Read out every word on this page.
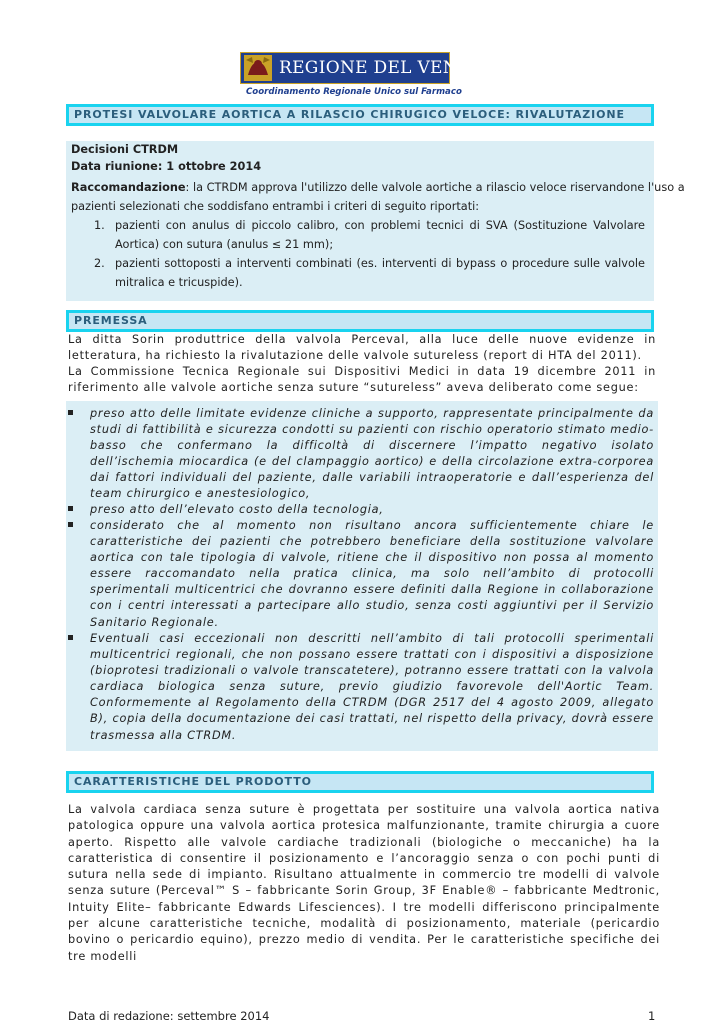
REGIONE DEL VENETO
Coordinamento Regionale Unico sul Farmaco
PROTESI VALVOLARE AORTICA A RILASCIO CHIRUGICO VELOCE: RIVALUTAZIONE
Decisioni CTRDM
Data riunione: 1 ottobre 2014
Raccomandazione: la CTRDM approva l'utilizzo delle valvole aortiche a rilascio veloce riservandone l'uso a
pazienti selezionati che soddisfano entrambi i criteri di seguito riportati:
1. pazienti con anulus di piccolo calibro, con problemi tecnici di SVA (Sostituzione Valvolare Aortica) con sutura (anulus ≤ 21 mm);
2. pazienti sottoposti a interventi combinati (es. interventi di bypass o procedure sulle valvole mitralica e tricuspide).
PREMESSA
La ditta Sorin produttrice della valvola Perceval, alla luce delle nuove evidenze in letteratura, ha richiesto la rivalutazione delle valvole sutureless (report di HTA del 2011).
La Commissione Tecnica Regionale sui Dispositivi Medici in data 19 dicembre 2011 in riferimento alle valvole aortiche senza suture “sutureless” aveva deliberato come segue:
preso atto delle limitate evidenze cliniche a supporto, rappresentate principalmente da studi di fattibilità e sicurezza condotti su pazienti con rischio operatorio stimato medio-basso che confermano la difficoltà di discernere l’impatto negativo isolato dell’ischemia miocardica (e del clampaggio aortico) e della circolazione extra-corporea dai fattori individuali del paziente, dalle variabili intraoperatorie e dall’esperienza del team chirurgico e anestesiologico,
preso atto dell’elevato costo della tecnologia,
considerato che al momento non risultano ancora sufficientemente chiare le caratteristiche dei pazienti che potrebbero beneficiare della sostituzione valvolare aortica con tale tipologia di valvole, ritiene che il dispositivo non possa al momento essere raccomandato nella pratica clinica, ma solo nell’ambito di protocolli sperimentali multicentrici che dovranno essere definiti dalla Regione in collaborazione con i centri interessati a partecipare allo studio, senza costi aggiuntivi per il Servizio Sanitario Regionale.
Eventuali casi eccezionali non descritti nell’ambito di tali protocolli sperimentali multicentrici regionali, che non possano essere trattati con i dispositivi a disposizione (bioprotesi tradizionali o valvole transcatetere), potranno essere trattati con la valvola cardiaca biologica senza suture, previo giudizio favorevole dell'Aortic Team. Conformemente al Regolamento della CTRDM (DGR 2517 del 4 agosto 2009, allegato B), copia della documentazione dei casi trattati, nel rispetto della privacy, dovrà essere trasmessa alla CTRDM.
CARATTERISTICHE DEL PRODOTTO
La valvola cardiaca senza suture è progettata per sostituire una valvola aortica nativa patologica oppure una valvola aortica protesica malfunzionante, tramite chirurgia a cuore aperto. Rispetto alle valvole cardiache tradizionali (biologiche o meccaniche) ha la caratteristica di consentire il posizionamento e l’ancoraggio senza o con pochi punti di sutura nella sede di impianto. Risultano attualmente in commercio tre modelli di valvole senza suture (Perceval™ S – fabbricante Sorin Group, 3F Enable® – fabbricante Medtronic, Intuity Elite– fabbricante Edwards Lifesciences). I tre modelli differiscono principalmente per alcune caratteristiche tecniche, modalità di posizionamento, materiale (pericardio bovino o pericardio equino), prezzo medio di vendita. Per le caratteristiche specifiche dei tre modelli
Data di redazione: settembre 2014	1
